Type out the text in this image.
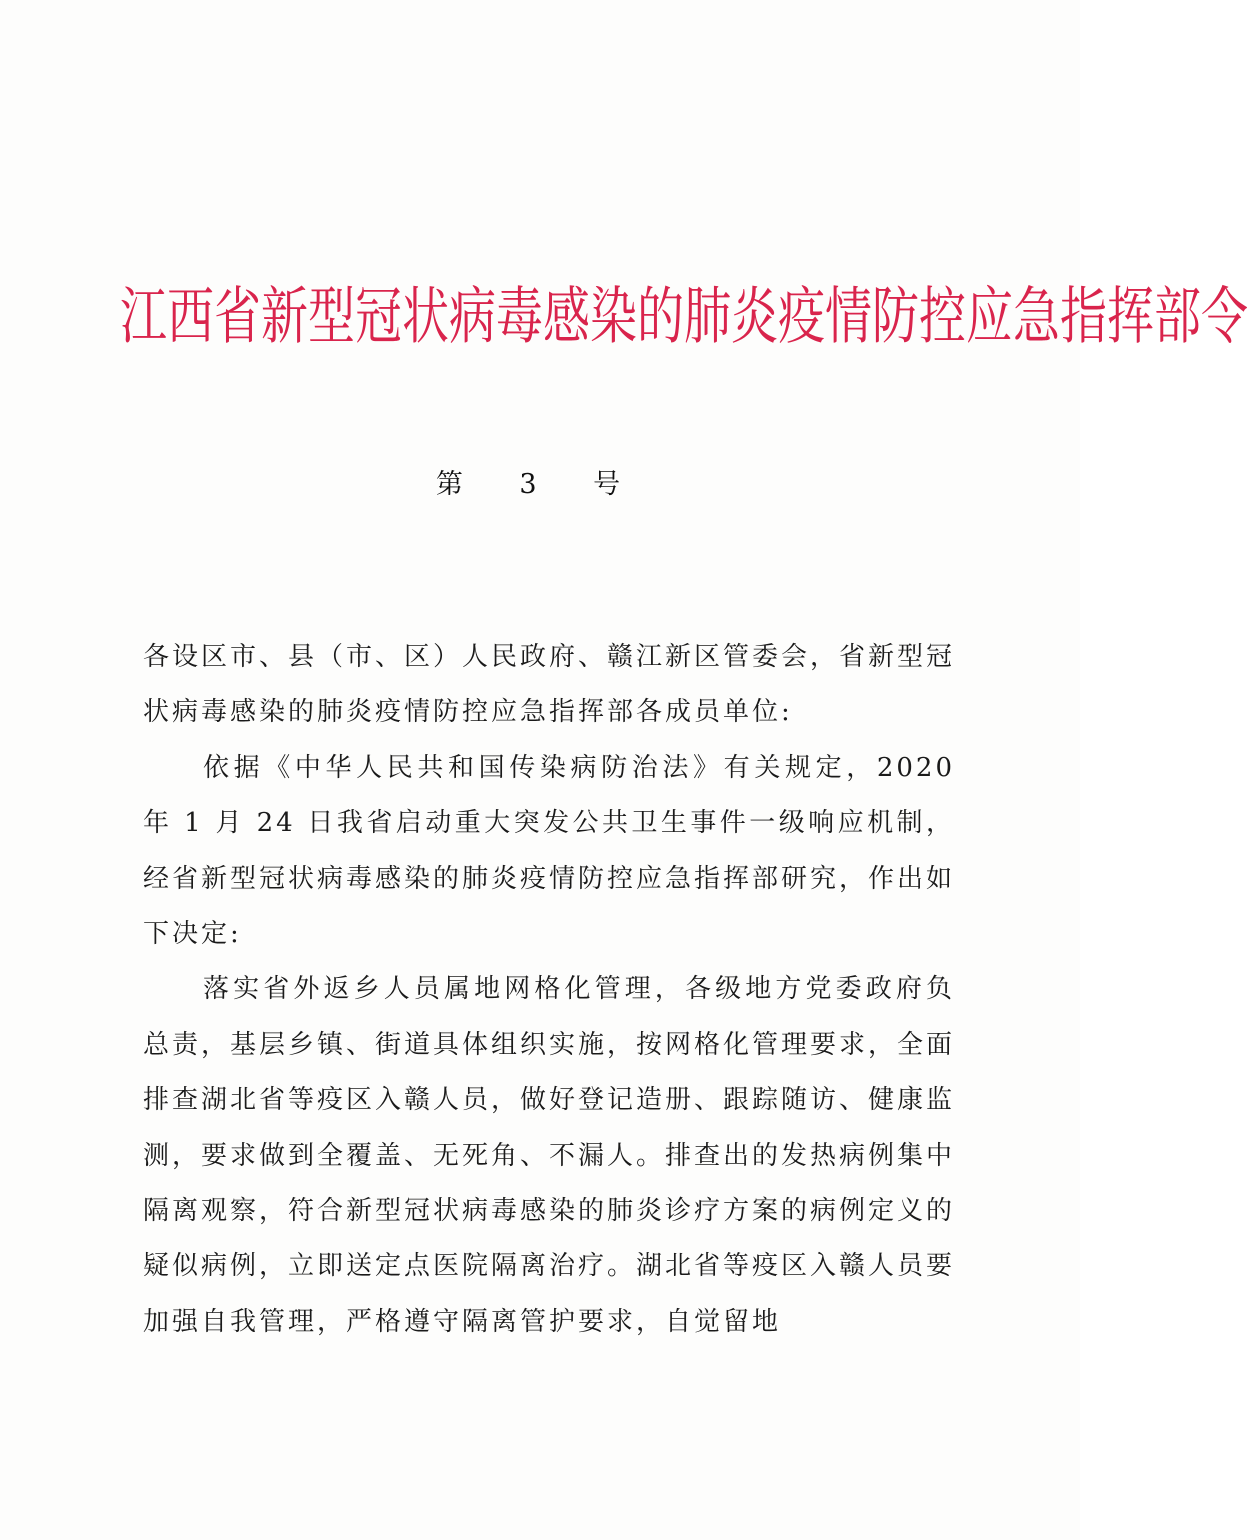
江西省新型冠状病毒感染的肺炎疫情防控应急指挥部令
第 3 号

各设区市、县（市、区）人民政府、赣江新区管委会，省新型冠状病毒感染的肺炎疫情防控应急指挥部各成员单位:

依据《中华人民共和国传染病防治法》有关规定，2020 年 1 月 24 日我省启动重大突发公共卫生事件一级响应机制，经省新型冠状病毒感染的肺炎疫情防控应急指挥部研究，作出如下决定:

落实省外返乡人员属地网格化管理，各级地方党委政府负总责，基层乡镇、街道具体组织实施，按网格化管理要求，全面排查湖北省等疫区入赣人员，做好登记造册、跟踪随访、健康监测，要求做到全覆盖、无死角、不漏人。排查出的发热病例集中隔离观察，符合新型冠状病毒感染的肺炎诊疗方案的病例定义的疑似病例，立即送定点医院隔离治疗。湖北省等疫区入赣人员要加强自我管理，严格遵守隔离管护要求，自觉留地
